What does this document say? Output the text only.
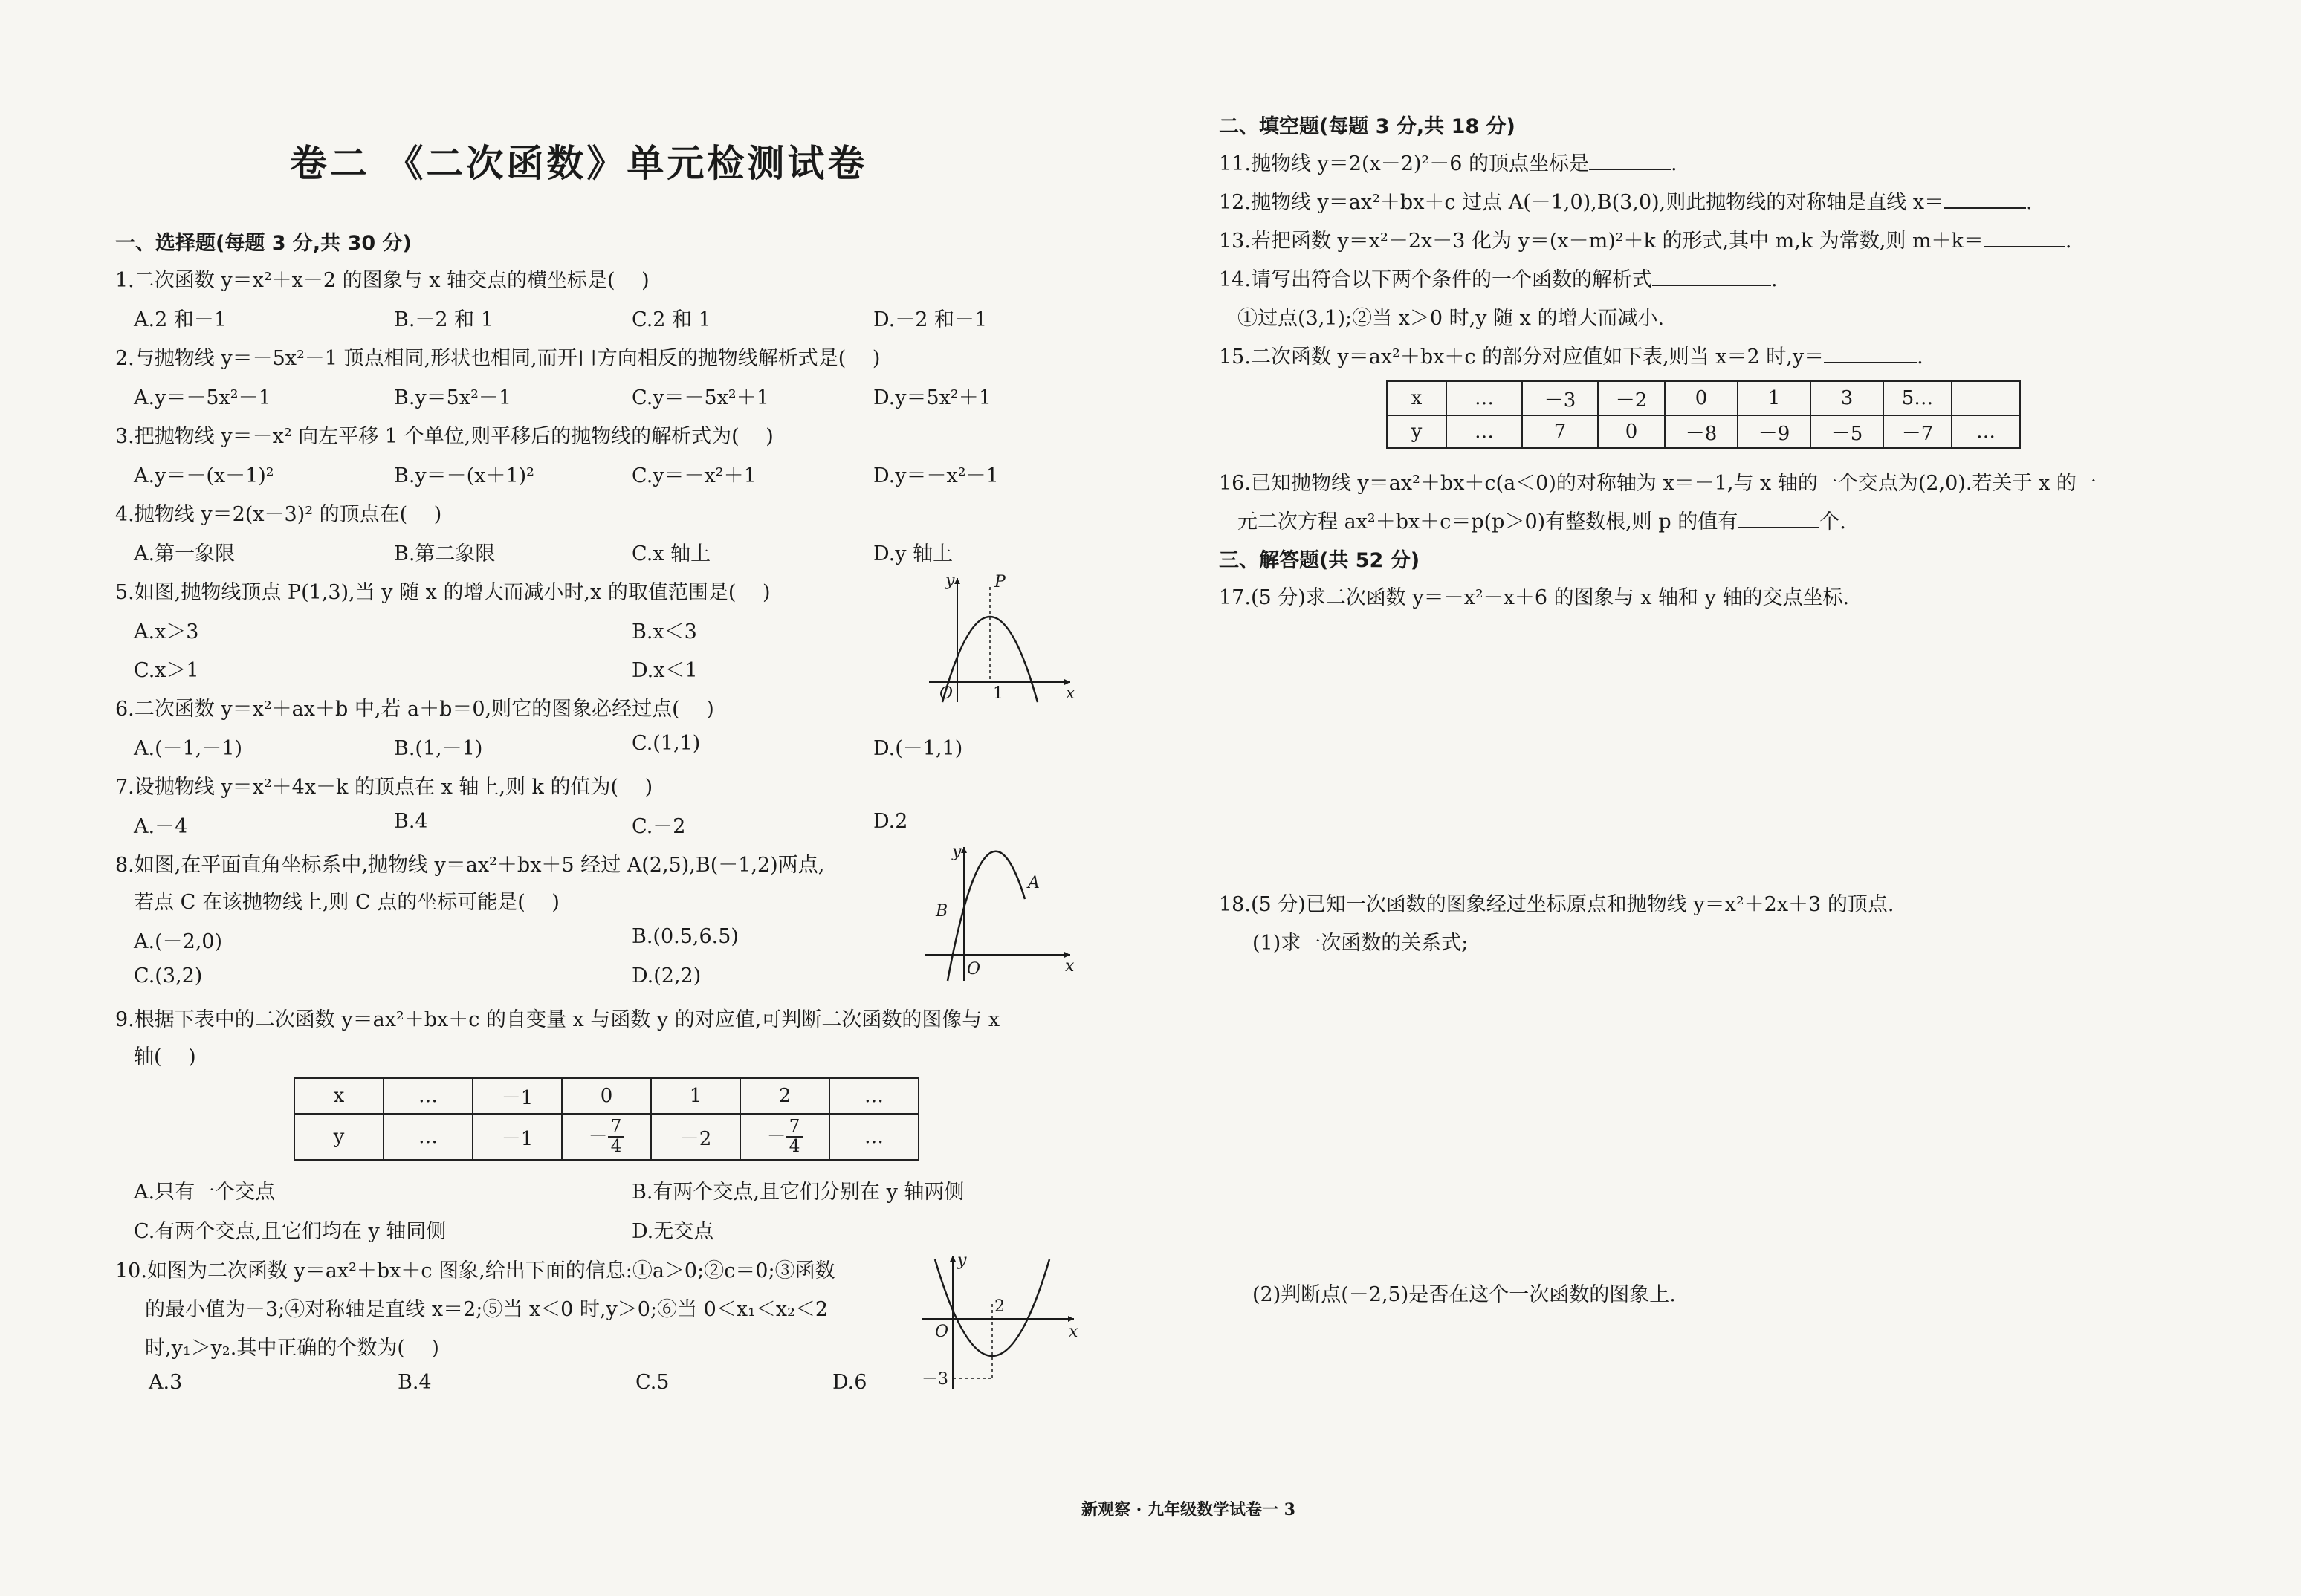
卷二 《二次函数》单元检测试卷
一、选择题(每题 3 分,共 30 分)
1.二次函数 y＝x²＋x－2 的图象与 x 轴交点的横坐标是(　 )
A.2 和－1	B.－2 和 1	C.2 和 1	D.－2 和－1
2.与抛物线 y＝－5x²－1 顶点相同,形状也相同,而开口方向相反的抛物线解析式是(　 )
A.y＝－5x²－1	B.y＝5x²－1	C.y＝－5x²＋1	D.y＝5x²＋1
3.把抛物线 y＝－x² 向左平移 1 个单位,则平移后的抛物线的解析式为(　 )
A.y＝－(x－1)²	B.y＝－(x＋1)²	C.y＝－x²＋1	D.y＝－x²－1
4.抛物线 y＝2(x－3)² 的顶点在(　 )
A.第一象限	B.第二象限	C.x 轴上	D.y 轴上
5.如图,抛物线顶点 P(1,3),当 y 随 x 的增大而减小时,x 的取值范围是(　 )
A.x＞3	B.x＜3
C.x＞1	D.x＜1
y P
O 1	x
6.二次函数 y＝x²＋ax＋b 中,若 a＋b＝0,则它的图象必经过点(　 )
A.(－1,－1)	B.(1,－1)	C.(1,1)	D.(－1,1)
7.设抛物线 y＝x²＋4x－k 的顶点在 x 轴上,则 k 的值为(　 )
A.－4	B.4	C.－2	D.2
8.如图,在平面直角坐标系中,抛物线 y＝ax²＋bx＋5 经过 A(2,5),B(－1,2)两点,
若点 C 在该抛物线上,则 C 点的坐标可能是(　 )
A.(－2,0)	B.(0.5,6.5)
C.(3,2)	D.(2,2)
y
A
B
O	x
9.根据下表中的二次函数 y＝ax²＋bx＋c 的自变量 x 与函数 y 的对应值,可判断二次函数的图像与 x
轴(　 )
x	…	－1	0	1	2	…
y	…	－1	－ $\frac{7}{4}$	－2	－ $\frac{7}{4}$	…
A.只有一个交点	B.有两个交点,且它们分别在 y 轴两侧
C.有两个交点,且它们均在 y 轴同侧	D.无交点
10.如图为二次函数 y＝ax²＋bx＋c 图象,给出下面的信息:①a＞0;②c＝0;③函数
的最小值为－3;④对称轴是直线 x＝2;⑤当 x＜0 时,y＞0;⑥当 0＜x₁＜x₂＜2
时,y₁＞y₂.其中正确的个数为(　 )
A.3	B.4	C.5	D.6
y
O
2
x
－3
二、填空题(每题 3 分,共 18 分)
11.抛物线 y＝2(x－2)²－6 的顶点坐标是	.
12.抛物线 y＝ax²＋bx＋c 过点 A(－1,0),B(3,0),则此抛物线的对称轴是直线 x＝	.
13.若把函数 y＝x²－2x－3 化为 y＝(x－m)²＋k 的形式,其中 m,k 为常数,则 m＋k＝	.
14.请写出符合以下两个条件的一个函数的解析式	.
①过点(3,1);②当 x＞0 时,y 随 x 的增大而减小.
15.二次函数 y＝ax²＋bx＋c 的部分对应值如下表,则当 x＝2 时,y＝	.
x	…	－3	－2	0	1	3	5…	
y	…	7	0	－8	－9	－5	－7	…
16.已知抛物线 y＝ax²＋bx＋c(a＜0)的对称轴为 x＝－1,与 x 轴的一个交点为(2,0).若关于 x 的一
元二次方程 ax²＋bx＋c＝p(p＞0)有整数根,则 p 的值有	个.
三、解答题(共 52 分)
17.(5 分)求二次函数 y＝－x²－x＋6 的图象与 x 轴和 y 轴的交点坐标.
18.(5 分)已知一次函数的图象经过坐标原点和抛物线 y＝x²＋2x＋3 的顶点.
(1)求一次函数的关系式;
(2)判断点(－2,5)是否在这个一次函数的图象上.
新观察 · 九年级数学试卷一 3
